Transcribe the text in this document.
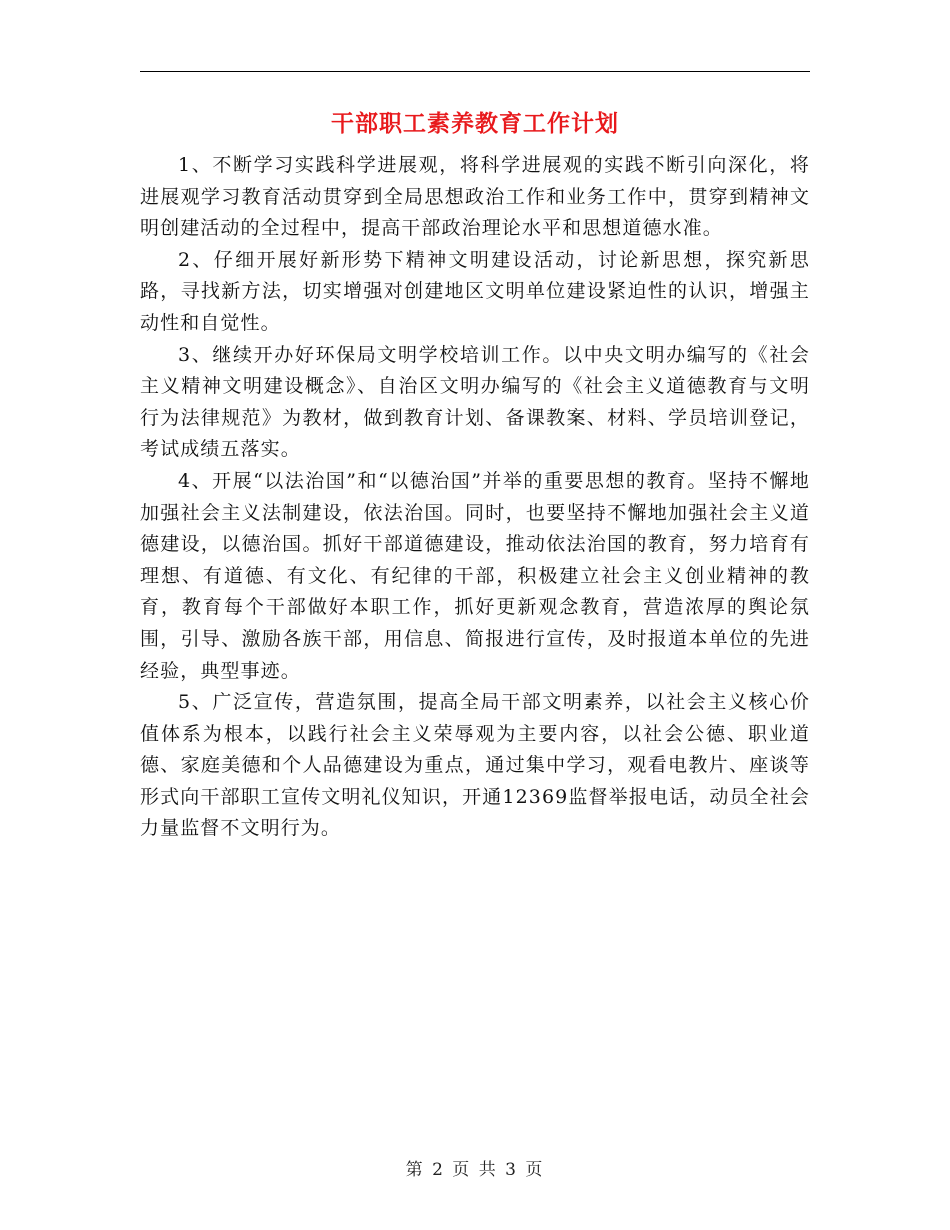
干部职工素养教育工作计划

1、不断学习实践科学进展观，将科学进展观的实践不断引向深化，将进展观学习教育活动贯穿到全局思想政治工作和业务工作中，贯穿到精神文明创建活动的全过程中，提高干部政治理论水平和思想道德水准。

2、仔细开展好新形势下精神文明建设活动，讨论新思想，探究新思路，寻找新方法，切实增强对创建地区文明单位建设紧迫性的认识，增强主动性和自觉性。

3、继续开办好环保局文明学校培训工作。以中央文明办编写的《社会主义精神文明建设概念》、自治区文明办编写的《社会主义道德教育与文明行为法律规范》为教材，做到教育计划、备课教案、材料、学员培训登记，考试成绩五落实。

4、开展“以法治国”和“以德治国”并举的重要思想的教育。坚持不懈地加强社会主义法制建设，依法治国。同时，也要坚持不懈地加强社会主义道德建设，以德治国。抓好干部道德建设，推动依法治国的教育，努力培育有理想、有道德、有文化、有纪律的干部，积极建立社会主义创业精神的教育，教育每个干部做好本职工作，抓好更新观念教育，营造浓厚的舆论氛围，引导、激励各族干部，用信息、简报进行宣传，及时报道本单位的先进经验，典型事迹。

5、广泛宣传，营造氛围，提高全局干部文明素养，以社会主义核心价值体系为根本，以践行社会主义荣辱观为主要内容，以社会公德、职业道德、家庭美德和个人品德建设为重点，通过集中学习，观看电教片、座谈等形式向干部职工宣传文明礼仪知识，开通12369监督举报电话，动员全社会力量监督不文明行为。

第 2 页 共 3 页
